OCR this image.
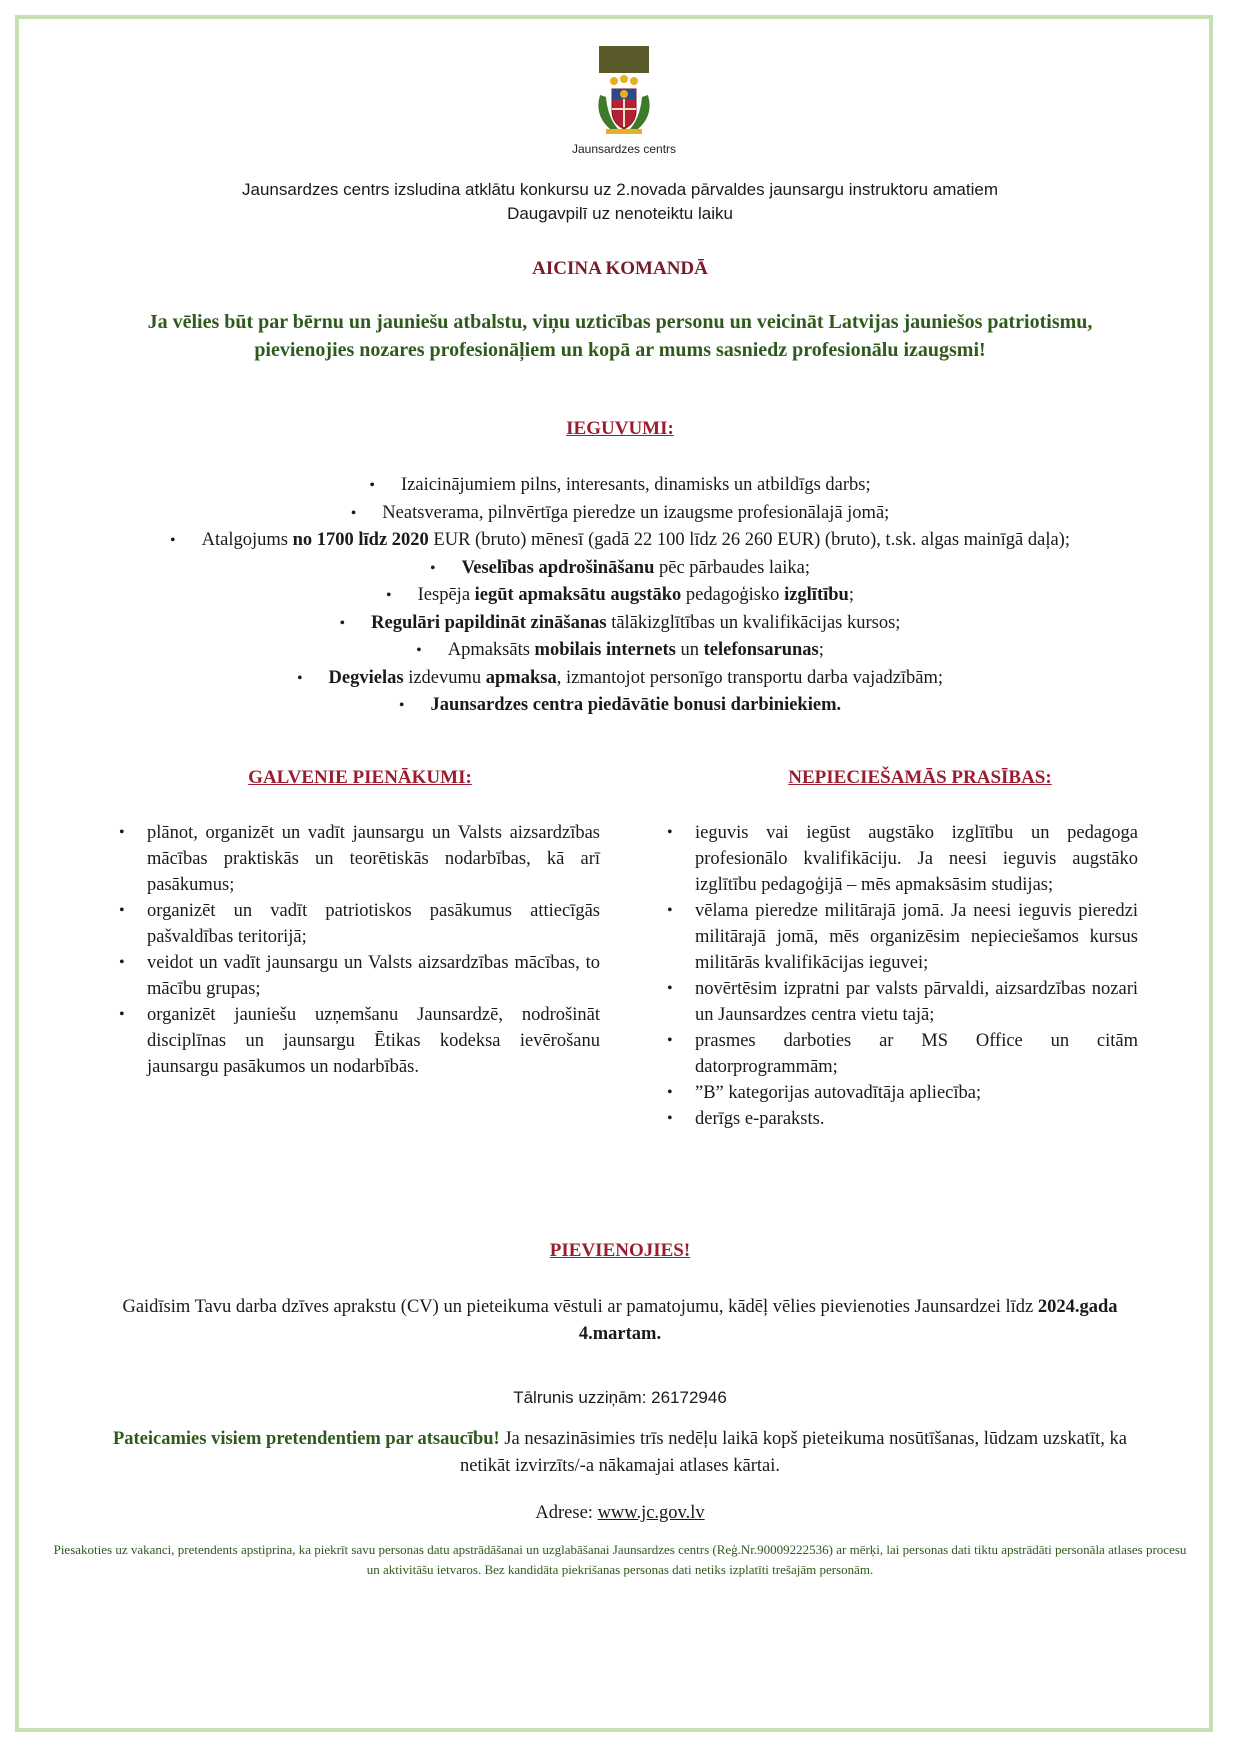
Jaunsardzes centrs
Jaunsardzes centrs izsludina atklātu konkursu uz 2.novada pārvaldes jaunsargu instruktoru amatiem
Daugavpilī uz nenoteiktu laiku
AICINA KOMANDĀ
Ja vēlies būt par bērnu un jauniešu atbalstu, viņu uzticības personu un veicināt Latvijas jauniešos patriotismu, pievienojies nozares profesionāļiem un kopā ar mums sasniedz profesionālu izaugsmi!
IEGUVUMI:
• Izaicinājumiem pilns, interesants, dinamisks un atbildīgs darbs;
• Neatsverama, pilnvērtīga pieredze un izaugsme profesionālajā jomā;
• Atalgojums no 1700 līdz 2020 EUR (bruto) mēnesī (gadā 22 100 līdz 26 260 EUR) (bruto), t.sk. algas mainīgā daļa);
• Veselības apdrošināšanu pēc pārbaudes laika;
• Iespēja iegūt apmaksātu augstāko pedagoģisko izglītību;
• Regulāri papildināt zināšanas tālākizglītības un kvalifikācijas kursos;
• Apmaksāts mobilais internets un telefonsarunas;
• Degvielas izdevumu apmaksa, izmantojot personīgo transportu darba vajadzībām;
• Jaunsardzes centra piedāvātie bonusi darbiniekiem.
GALVENIE PIENĀKUMI:	NEPIECIEŠAMĀS PRASĪBAS:
• plānot, organizēt un vadīt jaunsargu un Valsts aizsardzības mācības praktiskās un teorētiskās nodarbības, kā arī pasākumus;
• organizēt un vadīt patriotiskos pasākumus attiecīgās pašvaldības teritorijā;
• veidot un vadīt jaunsargu un Valsts aizsardzības mācības, to mācību grupas;
• organizēt jauniešu uzņemšanu Jaunsardzē, nodrošināt disciplīnas un jaunsargu Ētikas kodeksa ievērošanu jaunsargu pasākumos un nodarbībās.
• ieguvis vai iegūst augstāko izglītību un pedagoga profesionālo kvalifikāciju. Ja neesi ieguvis augstāko izglītību pedagoģijā – mēs apmaksāsim studijas;
• vēlama pieredze militārajā jomā. Ja neesi ieguvis pieredzi militārajā jomā, mēs organizēsim nepieciešamos kursus militārās kvalifikācijas ieguvei;
• novērtēsim izpratni par valsts pārvaldi, aizsardzības nozari un Jaunsardzes centra vietu tajā;
• prasmes darboties ar MS Office un citām datorprogrammām;
• ”B” kategorijas autovadītāja apliecība;
• derīgs e-paraksts.
PIEVIENOJIES!
Gaidīsim Tavu darba dzīves aprakstu (CV) un pieteikuma vēstuli ar pamatojumu, kādēļ vēlies pievienoties Jaunsardzei līdz 2024.gada 4.martam.
Tālrunis uzziņām: 26172946
Pateicamies visiem pretendentiem par atsaucību! Ja nesazināsimies trīs nedēļu laikā kopš pieteikuma nosūtīšanas, lūdzam uzskatīt, ka netikāt izvirzīts/-a nākamajai atlases kārtai.
Adrese: www.jc.gov.lv
Piesakoties uz vakanci, pretendents apstiprina, ka piekrīt savu personas datu apstrādāšanai un uzglabāšanai Jaunsardzes centrs (Reģ.Nr.90009222536) ar mērķi, lai personas dati tiktu apstrādāti personāla atlases procesu un aktivitāšu ietvaros. Bez kandidāta piekrišanas personas dati netiks izplatīti trešajām personām.
